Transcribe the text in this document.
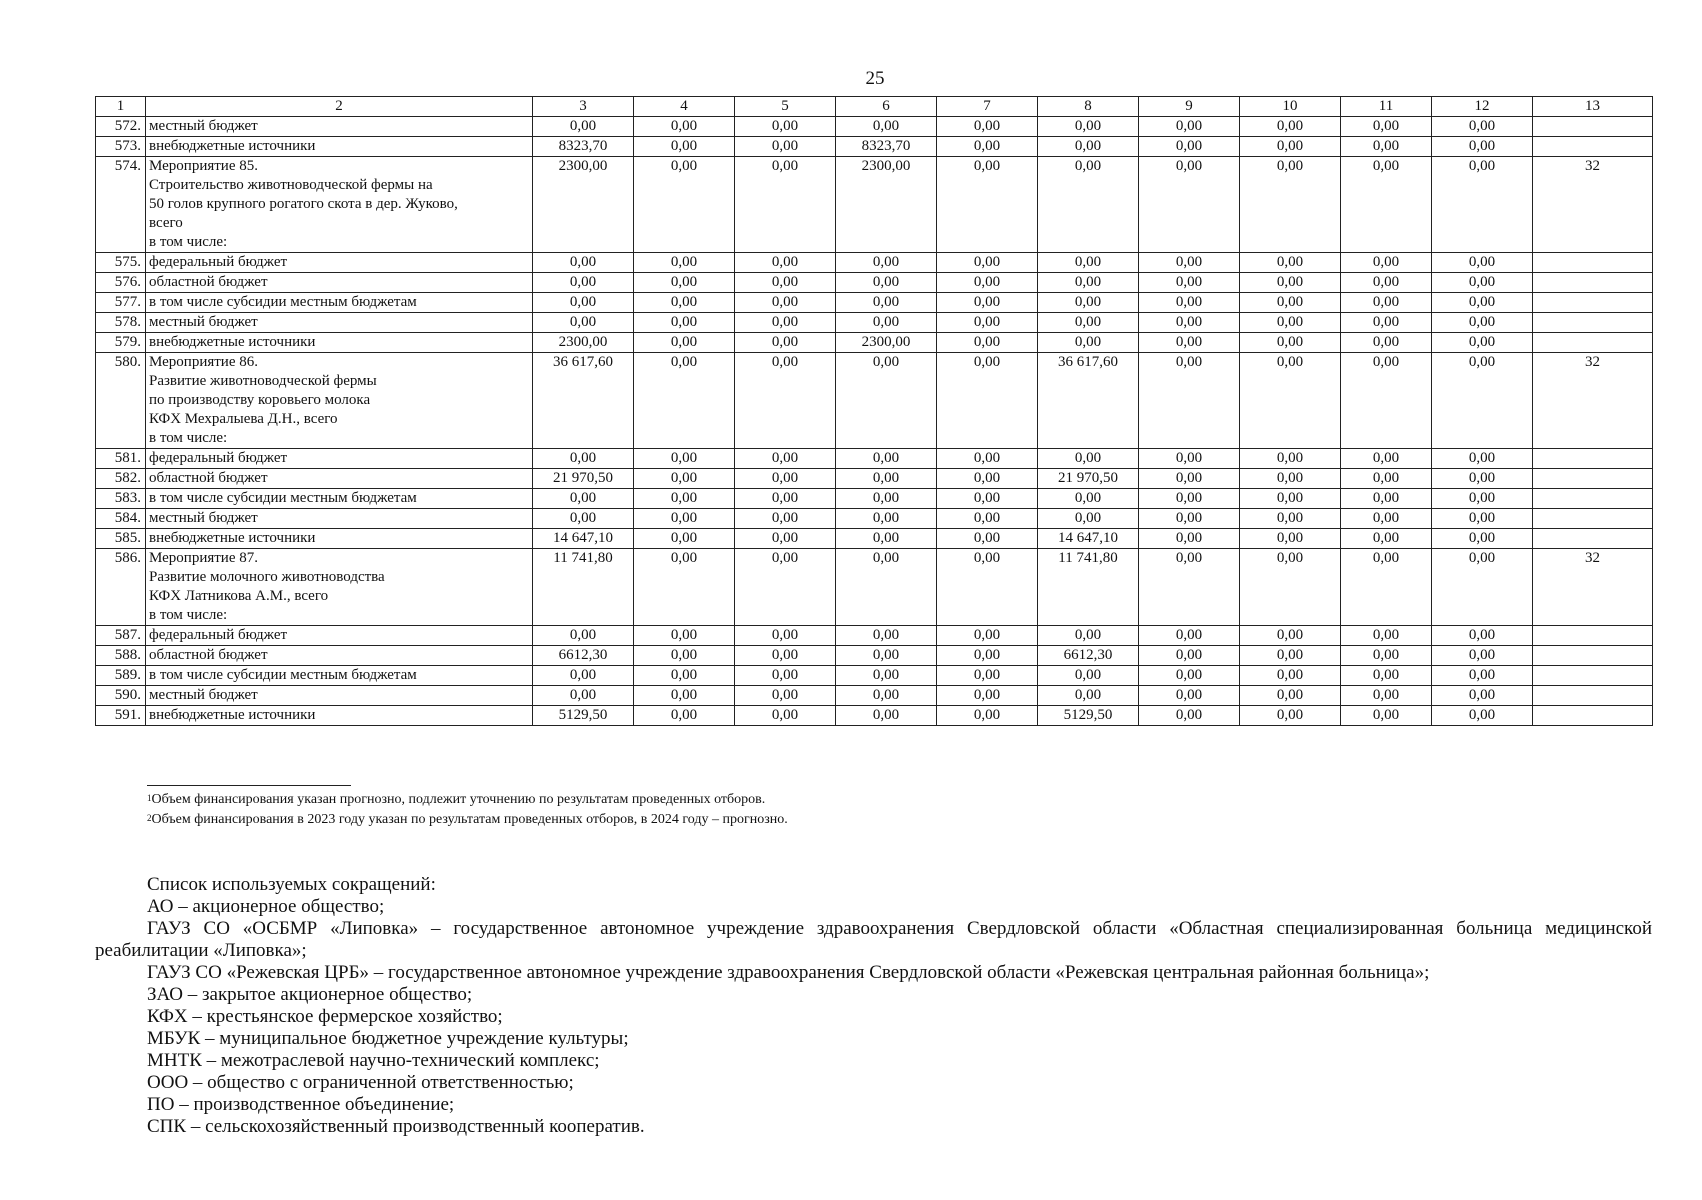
25
1	2	3	4	5	6	7	8	9	10	11	12	13
572.	местный бюджет	0,00	0,00	0,00	0,00	0,00	0,00	0,00	0,00	0,00	0,00	
573.	внебюджетные источники	8323,70	0,00	0,00	8323,70	0,00	0,00	0,00	0,00	0,00	0,00	
574.	Мероприятие 85.
Строительство животноводческой фермы на
50 голов крупного рогатого скота в дер. Жуково,
всего
в том числе:	2300,00	0,00	0,00	2300,00	0,00	0,00	0,00	0,00	0,00	0,00	32
575.	федеральный бюджет	0,00	0,00	0,00	0,00	0,00	0,00	0,00	0,00	0,00	0,00	
576.	областной бюджет	0,00	0,00	0,00	0,00	0,00	0,00	0,00	0,00	0,00	0,00	
577.	в том числе субсидии местным бюджетам	0,00	0,00	0,00	0,00	0,00	0,00	0,00	0,00	0,00	0,00	
578.	местный бюджет	0,00	0,00	0,00	0,00	0,00	0,00	0,00	0,00	0,00	0,00	
579.	внебюджетные источники	2300,00	0,00	0,00	2300,00	0,00	0,00	0,00	0,00	0,00	0,00	
580.	Мероприятие 86.
Развитие животноводческой фермы
по производству коровьего молока
КФХ Мехралыева Д.Н., всего
в том числе:	36 617,60	0,00	0,00	0,00	0,00	36 617,60	0,00	0,00	0,00	0,00	32
581.	федеральный бюджет	0,00	0,00	0,00	0,00	0,00	0,00	0,00	0,00	0,00	0,00	
582.	областной бюджет	21 970,50	0,00	0,00	0,00	0,00	21 970,50	0,00	0,00	0,00	0,00	
583.	в том числе субсидии местным бюджетам	0,00	0,00	0,00	0,00	0,00	0,00	0,00	0,00	0,00	0,00	
584.	местный бюджет	0,00	0,00	0,00	0,00	0,00	0,00	0,00	0,00	0,00	0,00	
585.	внебюджетные источники	14 647,10	0,00	0,00	0,00	0,00	14 647,10	0,00	0,00	0,00	0,00	
586.	Мероприятие 87.
Развитие молочного животноводства
КФХ Латникова А.М., всего
в том числе:	11 741,80	0,00	0,00	0,00	0,00	11 741,80	0,00	0,00	0,00	0,00	32
587.	федеральный бюджет	0,00	0,00	0,00	0,00	0,00	0,00	0,00	0,00	0,00	0,00	
588.	областной бюджет	6612,30	0,00	0,00	0,00	0,00	6612,30	0,00	0,00	0,00	0,00	
589.	в том числе субсидии местным бюджетам	0,00	0,00	0,00	0,00	0,00	0,00	0,00	0,00	0,00	0,00	
590.	местный бюджет	0,00	0,00	0,00	0,00	0,00	0,00	0,00	0,00	0,00	0,00	
591.	внебюджетные источники	5129,50	0,00	0,00	0,00	0,00	5129,50	0,00	0,00	0,00	0,00	
$^1$Объем финансирования указан прогнозно, подлежит уточнению по результатам проведенных отборов.
$^2$Объем финансирования в 2023 году указан по результатам проведенных отборов, в 2024 году – прогнозно.

Список используемых сокращений:

АО – акционерное общество;

ГАУЗ СО «ОСБМР «Липовка» – государственное автономное учреждение здравоохранения Свердловской области «Областная специализированная больница медицинской реабилитации «Липовка»;

ГАУЗ СО «Режевская ЦРБ» – государственное автономное учреждение здравоохранения Свердловской области «Режевская центральная районная больница»;

ЗАО – закрытое акционерное общество;

КФХ – крестьянское фермерское хозяйство;

МБУК – муниципальное бюджетное учреждение культуры;

МНТК – межотраслевой научно-технический комплекс;

ООО – общество с ограниченной ответственностью;

ПО – производственное объединение;

СПК – сельскохозяйственный производственный кооператив.
